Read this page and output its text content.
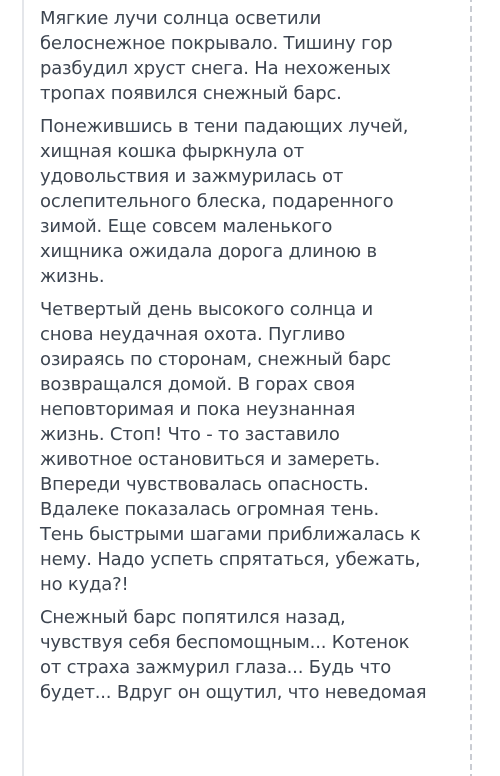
Мягкие лучи солнца осветили
белоснежное покрывало. Тишину гор
разбудил хруст снега. На нехоженых
тропах появился снежный барс.

Понежившись в тени падающих лучей,
хищная кошка фыркнула от
удовольствия и зажмурилась от
ослепительного блеска, подаренного
зимой. Еще совсем маленького
хищника ожидала дорога длиною в
жизнь.

Четвертый день высокого солнца и
снова неудачная охота. Пугливо
озираясь по сторонам, снежный барс
возвращался домой. В горах своя
неповторимая и пока неузнанная
жизнь. Стоп! Что - то заставило
животное остановиться и замереть.
Впереди чувствовалась опасность.
Вдалеке показалась огромная тень.
Тень быстрыми шагами приближалась к
нему. Надо успеть спрятаться, убежать,
но куда?!

Снежный барс попятился назад,
чувствуя себя беспомощным... Котенок
от страха зажмурил глаза... Будь что
будет... Вдруг он ощутил, что неведомая
